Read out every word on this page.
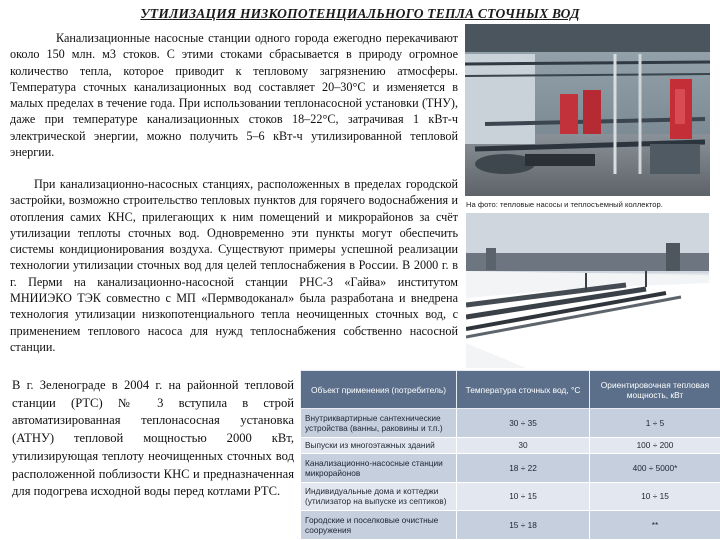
УТИЛИЗАЦИЯ НИЗКОПОТЕНЦИАЛЬНОГО ТЕПЛА СТОЧНЫХ ВОД

Канализационные насосные станции одного города ежегодно перекачивают около 150 млн. м3 стоков. С этими стоками сбрасывается в природу огромное количество тепла, которое приводит к тепловому загрязнению атмосферы. Температура сточных канализационных вод составляет 20–30°С и изменяется в малых пределах в течение года. При использовании теплонасосной установки (ТНУ), даже при температуре канализационных стоков 18–22°С, затрачивая 1 кВт-ч электрической энергии, можно получить 5–6 кВт-ч утилизированной тепловой энергии.

При канализационно-насосных станциях, расположенных в пределах городской застройки, возможно строительство тепловых пунктов для горячего водоснабжения и отопления самих КНС, прилегающих к ним помещений и микрорайонов за счёт утилизации теплоты сточных вод. Одновременно эти пункты могут обеспечить системы кондиционирования воздуха. Существуют примеры успешной реализации технологии утилизации сточных вод для целей теплоснабжения в России. В 2000 г. в г. Перми на канализационно-насосной станции РНС-3 «Гайва» институтом МНИИЭКО ТЭК совместно с МП «Пермводоканал» была разработана и внедрена технология утилизации низкопотенциального тепла неочищенных сточных вод, с применением теплового насоса для нужд теплоснабжения собственно насосной станции.

В г. Зеленограде в 2004 г. на районной тепловой станции (РТС) № 3 вступила в строй автоматизированная теплонасосная установка (АТНУ) тепловой мощностью 2000 кВт, утилизирующая теплоту неочищенных сточных вод расположенной поблизости КНС и предназначенная для подогрева исходной воды перед котлами РТС.

На фото: тепловые насосы и теплосъемный коллектор.
Объект применения (потребитель)	Температура сточных вод, °С	Ориентировочная тепловая мощность, кВт
Внутриквартирные сантехнические устройства (ванны, раковины и т.п.)	30 ÷ 35	1 ÷ 5
Выпуски из многоэтажных зданий	30	100 ÷ 200
Канализационно-насосные станции микрорайонов	18 ÷ 22	400 ÷ 5000*
Индивидуальные дома и коттеджи (утилизатор на выпуске из септиков)	10 ÷ 15	10 ÷ 15
Городские и поселковые очистные сооружения	15 ÷ 18	**
